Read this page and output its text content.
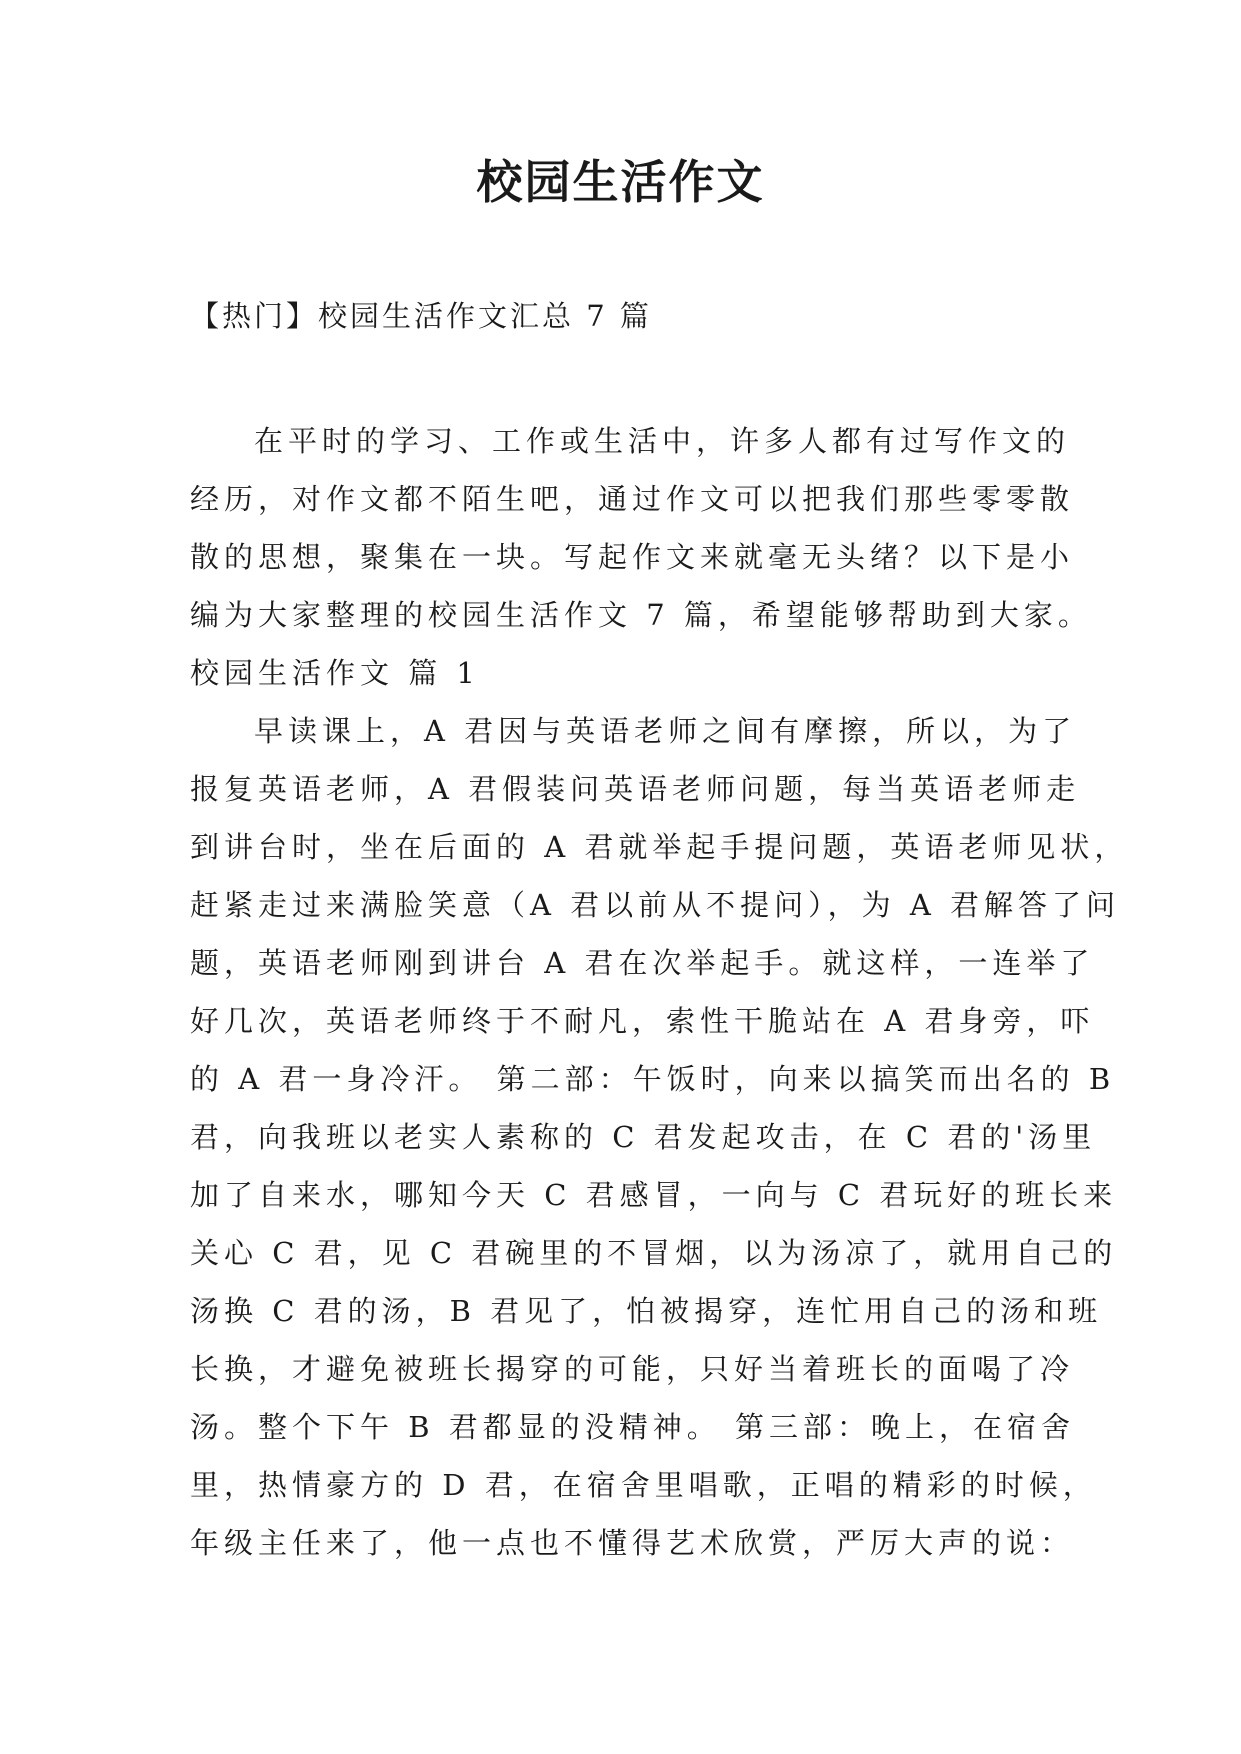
校园生活作文

【热门】校园生活作文汇总 7 篇

在平时的学习、工作或生活中，许多人都有过写作文的
经历，对作文都不陌生吧，通过作文可以把我们那些零零散
散的思想，聚集在一块。写起作文来就毫无头绪？以下是小
编为大家整理的校园生活作文 7 篇，希望能够帮助到大家。
校园生活作文 篇 1
早读课上，A 君因与英语老师之间有摩擦，所以，为了
报复英语老师，A 君假装问英语老师问题，每当英语老师走
到讲台时，坐在后面的 A 君就举起手提问题，英语老师见状，
赶紧走过来满脸笑意（A 君以前从不提问），为 A 君解答了问
题，英语老师刚到讲台 A 君在次举起手。就这样，一连举了
好几次，英语老师终于不耐凡，索性干脆站在 A 君身旁，吓
的 A 君一身冷汗。 第二部：午饭时，向来以搞笑而出名的 B
君，向我班以老实人素称的 C 君发起攻击，在 C 君的'汤里
加了自来水，哪知今天 C 君感冒，一向与 C 君玩好的班长来
关心 C 君，见 C 君碗里的不冒烟，以为汤凉了，就用自己的
汤换 C 君的汤，B 君见了，怕被揭穿，连忙用自己的汤和班
长换，才避免被班长揭穿的可能，只好当着班长的面喝了冷
汤。整个下午 B 君都显的没精神。 第三部：晚上，在宿舍
里，热情豪方的 D 君，在宿舍里唱歌，正唱的精彩的时候，
年级主任来了，他一点也不懂得艺术欣赏，严厉大声的说：
